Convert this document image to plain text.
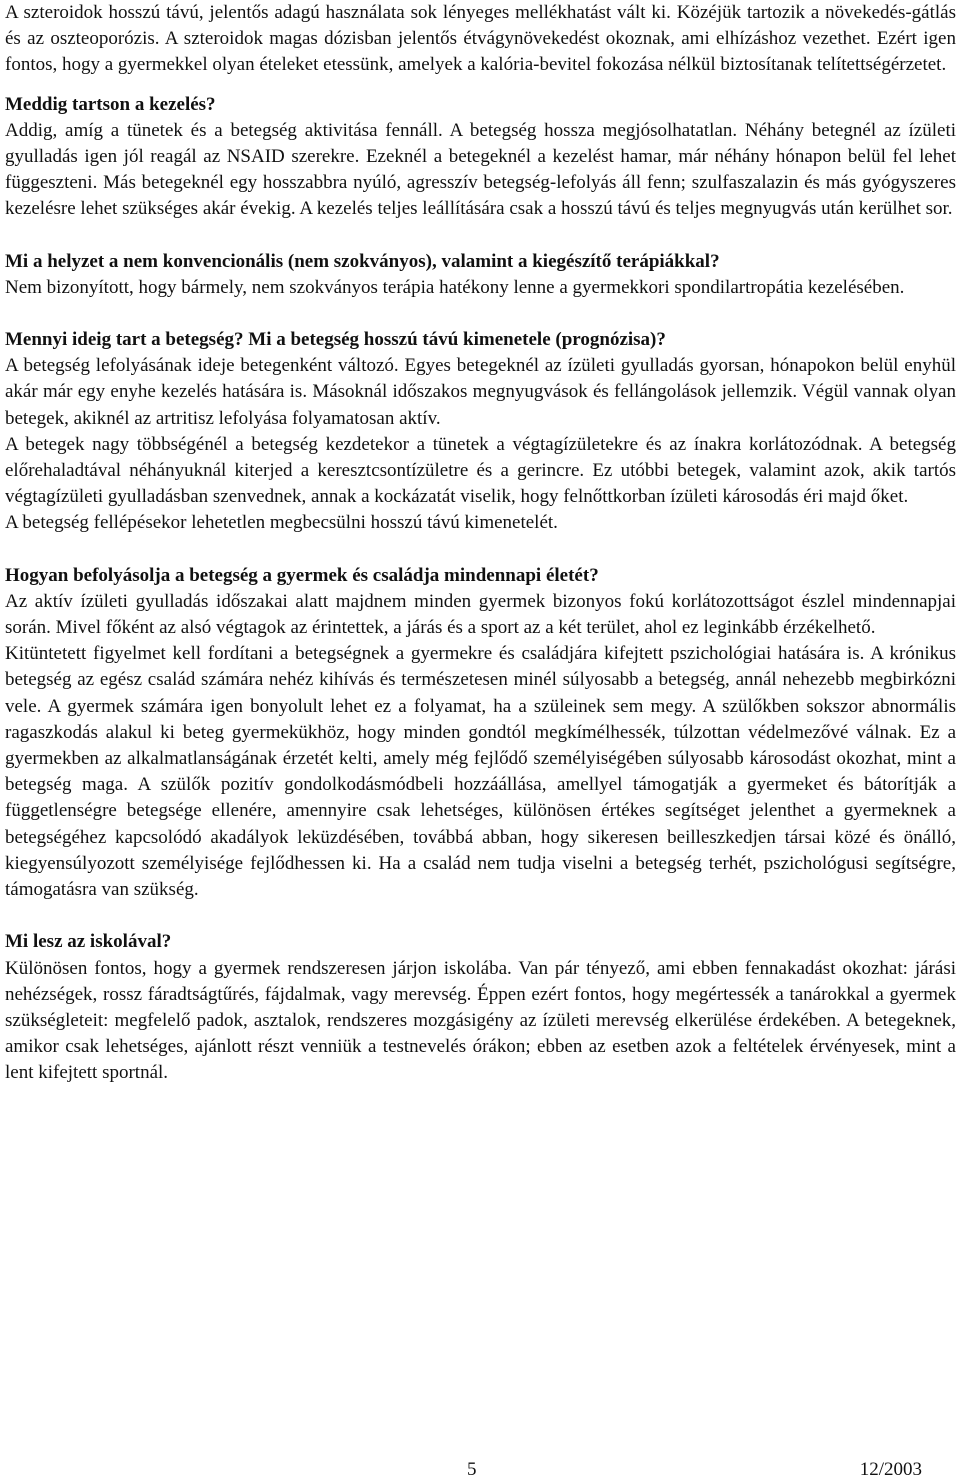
A szteroidok hosszú távú, jelentős adagú használata sok lényeges mellékhatást vált ki. Közéjük tartozik a növekedés-gátlás és az oszteoporózis. A szteroidok magas dózisban jelentős étvágynövekedést okoznak, ami elhízáshoz vezethet. Ezért igen fontos, hogy a gyermekkel olyan ételeket etessünk, amelyek a kalória-bevitel fokozása nélkül biztosítanak telítettségérzetet.

Meddig tartson a kezelés?

Addig, amíg a tünetek és a betegség aktivitása fennáll. A betegség hossza megjósolhatatlan. Néhány betegnél az ízületi gyulladás igen jól reagál az NSAID szerekre. Ezeknél a betegeknél a kezelést hamar, már néhány hónapon belül fel lehet függeszteni. Más betegeknél egy hosszabbra nyúló, agresszív betegség-lefolyás áll fenn; szulfaszalazin és más gyógyszeres kezelésre lehet szükséges akár évekig. A kezelés teljes leállítására csak a hosszú távú és teljes megnyugvás után kerülhet sor.

Mi a helyzet a nem konvencionális (nem szokványos), valamint a kiegészítő terápiákkal?

Nem bizonyított, hogy bármely, nem szokványos terápia hatékony lenne a gyermekkori spondilartropátia kezelésében.

Mennyi ideig tart a betegség? Mi a betegség hosszú távú kimenetele (prognózisa)?

A betegség lefolyásának ideje betegenként változó. Egyes betegeknél az ízületi gyulladás gyorsan, hónapokon belül enyhül akár már egy enyhe kezelés hatására is. Másoknál időszakos megnyugvások és fellángolások jellemzik. Végül vannak olyan betegek, akiknél az artritisz lefolyása folyamatosan aktív.

A betegek nagy többségénél a betegség kezdetekor a tünetek a végtagízületekre és az ínakra korlátozódnak. A betegség előrehaladtával néhányuknál kiterjed a keresztcsontízületre és a gerincre. Ez utóbbi betegek, valamint azok, akik tartós végtagízületi gyulladásban szenvednek, annak a kockázatát viselik, hogy felnőttkorban ízületi károsodás éri majd őket.

A betegség fellépésekor lehetetlen megbecsülni hosszú távú kimenetelét.

Hogyan befolyásolja a betegség a gyermek és családja mindennapi életét?

Az aktív ízületi gyulladás időszakai alatt majdnem minden gyermek bizonyos fokú korlátozottságot észlel mindennapjai során. Mivel főként az alsó végtagok az érintettek, a járás és a sport az a két terület, ahol ez leginkább érzékelhető.

Kitüntetett figyelmet kell fordítani a betegségnek a gyermekre és családjára kifejtett pszichológiai hatására is. A krónikus betegség az egész család számára nehéz kihívás és természetesen minél súlyosabb a betegség, annál nehezebb megbirkózni vele. A gyermek számára igen bonyolult lehet ez a folyamat, ha a szüleinek sem megy. A szülőkben sokszor abnormális ragaszkodás alakul ki beteg gyermekükhöz, hogy minden gondtól megkímélhessék, túlzottan védelmezővé válnak. Ez a gyermekben az alkalmatlanságának érzetét kelti, amely még fejlődő személyiségében súlyosabb károsodást okozhat, mint a betegség maga. A szülők pozitív gondolkodásmódbeli hozzáállása, amellyel támogatják a gyermeket és bátorítják a függetlenségre betegsége ellenére, amennyire csak lehetséges, különösen értékes segítséget jelenthet a gyermeknek a betegségéhez kapcsolódó akadályok leküzdésében, továbbá abban, hogy sikeresen beilleszkedjen társai közé és önálló, kiegyensúlyozott személyisége fejlődhessen ki. Ha a család nem tudja viselni a betegség terhét, pszichológusi segítségre, támogatásra van szükség.

Mi lesz az iskolával?

Különösen fontos, hogy a gyermek rendszeresen járjon iskolába. Van pár tényező, ami ebben fennakadást okozhat: járási nehézségek, rossz fáradtságtűrés, fájdalmak, vagy merevség. Éppen ezért fontos, hogy megértessék a tanárokkal a gyermek szükségleteit: megfelelő padok, asztalok, rendszeres mozgásigény az ízületi merevség elkerülése érdekében. A betegeknek, amikor csak lehetséges, ajánlott részt venniük a testnevelés órákon; ebben az esetben azok a feltételek érvényesek, mint a lent kifejtett sportnál.

5	12/2003
